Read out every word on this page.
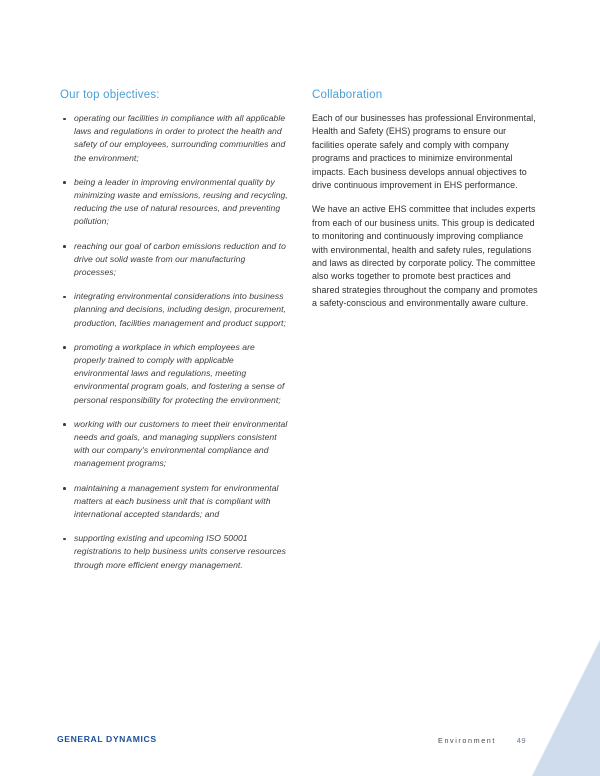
Our top objectives:
operating our facilities in compliance with all applicable laws and regulations in order to protect the health and safety of our employees, surrounding communities and the environment;
being a leader in improving environmental quality by minimizing waste and emissions, reusing and recycling, reducing the use of natural resources, and preventing pollution;
reaching our goal of carbon emissions reduction and to drive out solid waste from our manufacturing processes;
integrating environmental considerations into business planning and decisions, including design, procurement, production, facilities management and product support;
promoting a workplace in which employees are properly trained to comply with applicable environmental laws and regulations, meeting environmental program goals, and fostering a sense of personal responsibility for protecting the environment;
working with our customers to meet their environmental needs and goals, and managing suppliers consistent with our company's environmental compliance and management programs;
maintaining a management system for environmental matters at each business unit that is compliant with international accepted standards; and
supporting existing and upcoming ISO 50001 registrations to help business units conserve resources through more efficient energy management.
Collaboration

Each of our businesses has professional Environmental, Health and Safety (EHS) programs to ensure our facilities operate safely and comply with company programs and practices to minimize environmental impacts. Each business develops annual objectives to drive continuous improvement in EHS performance.

We have an active EHS committee that includes experts from each of our business units. This group is dedicated to monitoring and continuously improving compliance with environmental, health and safety rules, regulations and laws as directed by corporate policy. The committee also works together to promote best practices and shared strategies throughout the company and promotes a safety-conscious and environmentally aware culture.

GENERAL DYNAMICS	Environment	49
